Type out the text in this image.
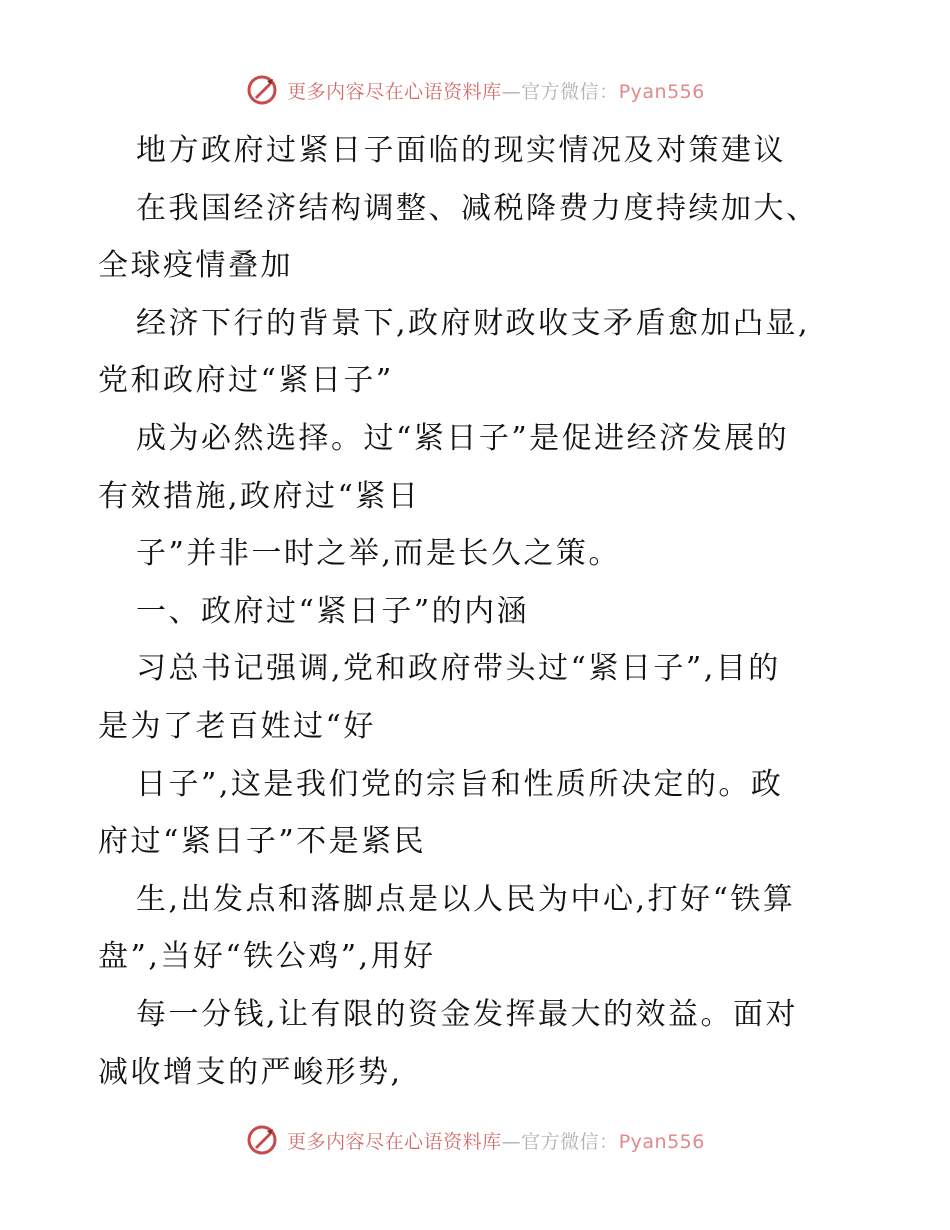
更多内容尽在心语资料库—官方微信：Pyan556
地方政府过紧日子面临的现实情况及对策建议
在我国经济结构调整、减税降费力度持续加大、
全球疫情叠加
经济下行的背景下,政府财政收支矛盾愈加凸显,
党和政府过“紧日子”
成为必然选择。过“紧日子”是促进经济发展的
有效措施,政府过“紧日
子”并非一时之举,而是长久之策。
一、政府过“紧日子”的内涵
习总书记强调,党和政府带头过“紧日子”,目的
是为了老百姓过“好
日子”,这是我们党的宗旨和性质所决定的。政
府过“紧日子”不是紧民
生,出发点和落脚点是以人民为中心,打好“铁算
盘”,当好“铁公鸡”,用好
每一分钱,让有限的资金发挥最大的效益。面对
减收增支的严峻形势,
更多内容尽在心语资料库—官方微信：Pyan556
